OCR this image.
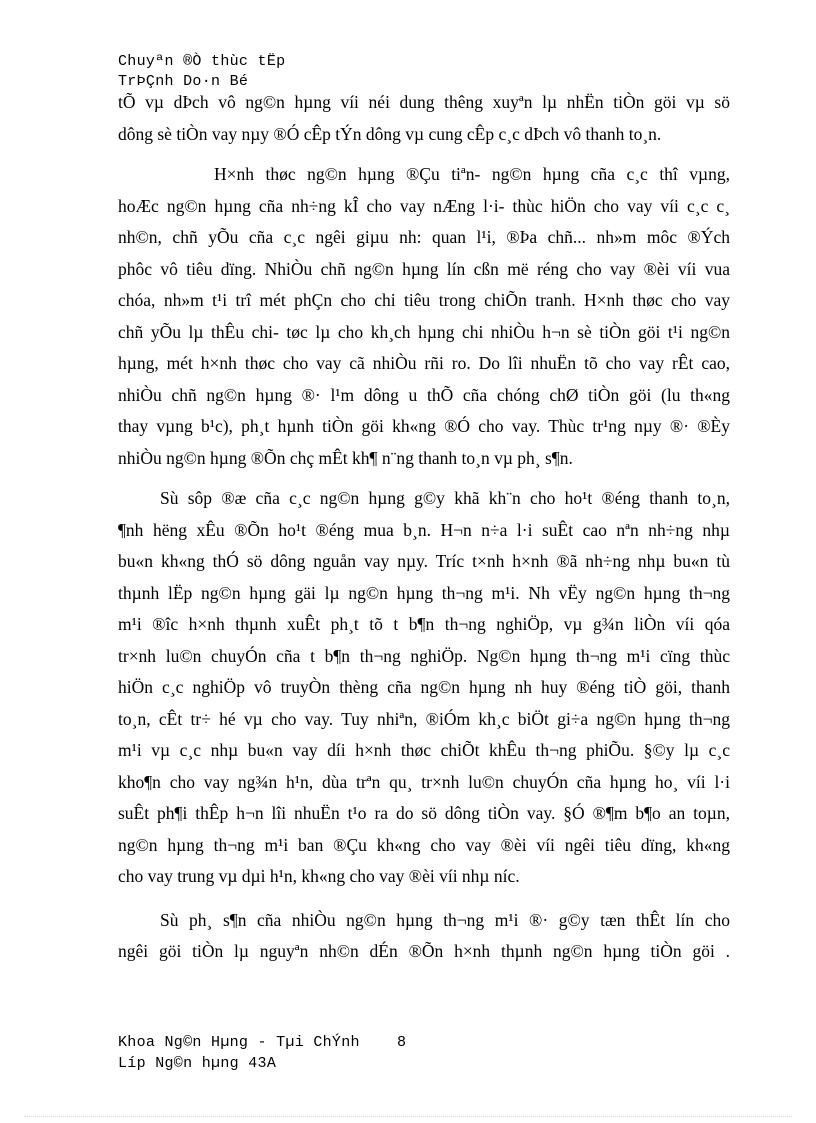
Chuyªn ®Ò thùc tËp
TrÞÇnh Do·n Bé
tÕ vµ dÞch vô ng©n hµng víi néi dung thêng xuyªn lµ nhËn tiÒn göi vµ sö
dông sè tiÒn vay nµy ®Ó cÊp tÝn dông vµ cung cÊp c¸c dÞch vô thanh to¸n.
H×nh thøc ng©n hµng ®Çu tiªn- ng©n hµng cña c¸c thî vµng,
hoÆc ng©n hµng cña nh÷ng kÎ cho vay nÆng l·i- thùc hiÖn cho vay víi c¸c c¸
nh©n, chñ yÕu cña c¸c ngêi giµu nh: quan l¹i, ®Þa chñ... nh»m môc ®Ých
phôc vô tiêu dïng. NhiÒu chñ ng©n hµng lín cßn më réng cho vay ®èi víi vua
chóa, nh»m t¹i trî mét phÇn cho chi tiêu trong chiÕn tranh. H×nh thøc cho vay
chñ yÕu lµ thÊu chi- tøc lµ cho kh¸ch hµng chi nhiÒu h¬n sè tiÒn göi t¹i ng©n
hµng, mét h×nh thøc cho vay cã nhiÒu rñi ro. Do lîi nhuËn tõ cho vay rÊt cao,
nhiÒu chñ ng©n hµng ®· l¹m dông u thÕ cña chóng chØ tiÒn göi (lu th«ng
thay vµng b¹c), ph¸t hµnh tiÒn göi kh«ng ®Ó cho vay. Thùc tr¹ng nµy ®· ®Èy
nhiÒu ng©n hµng ®Õn chç mÊt kh¶ n¨ng thanh to¸n vµ ph¸ s¶n.
Sù sôp ®æ cña c¸c ng©n hµng g©y khã kh¨n cho ho¹t ®éng thanh to¸n,
¶nh hëng xÊu ®Õn ho¹t ®éng mua b¸n. H¬n n÷a l·i suÊt cao nªn nh÷ng nhµ
bu«n kh«ng thÓ sö dông nguån vay nµy. Tríc t×nh h×nh ®ã nh÷ng nhµ bu«n tù
thµnh lËp ng©n hµng gäi lµ ng©n hµng th¬ng m¹i. Nh vËy ng©n hµng th¬ng
m¹i ®îc h×nh thµnh xuÊt ph¸t tõ t b¶n th¬ng nghiÖp, vµ g¾n liÒn víi qóa
tr×nh lu©n chuyÓn cña t b¶n th¬ng nghiÖp. Ng©n hµng th¬ng m¹i cïng thùc
hiÖn c¸c nghiÖp vô truyÒn thèng cña ng©n hµng nh huy ®éng tiÒ göi, thanh
to¸n, cÊt tr÷ hé vµ cho vay. Tuy nhiªn, ®iÓm kh¸c biÖt gi÷a ng©n hµng th¬ng
m¹i vµ c¸c nhµ bu«n vay díi h×nh thøc chiÕt khÊu th¬ng phiÕu. §©y lµ c¸c
kho¶n cho vay ng¾n h¹n, dùa trªn qu¸ tr×nh lu©n chuyÓn cña hµng ho¸ víi l·i
suÊt ph¶i thÊp h¬n lîi nhuËn t¹o ra do sö dông tiÒn vay. §Ó ®¶m b¶o an toµn,
ng©n hµng th¬ng m¹i ban ®Çu kh«ng cho vay ®èi víi ngêi tiêu dïng, kh«ng
cho vay trung vµ dµi h¹n, kh«ng cho vay ®èi víi nhµ níc.
Sù ph¸ s¶n cña nhiÒu ng©n hµng th¬ng m¹i ®· g©y tæn thÊt lín cho
ngêi göi tiÒn lµ nguyªn nh©n dÉn ®Õn h×nh thµnh ng©n hµng tiÒn göi .
Khoa Ng©n Hµng - Tµi ChÝnh    8
Líp Ng©n hµng 43A
